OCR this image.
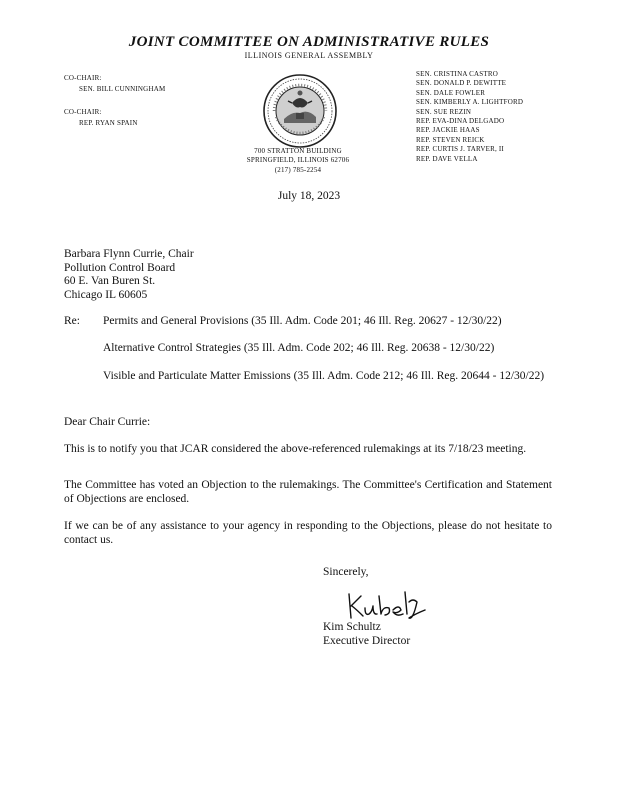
JOINT COMMITTEE ON ADMINISTRATIVE RULES
ILLINOIS GENERAL ASSEMBLY
CO-CHAIR:
SEN. BILL CUNNINGHAM
CO-CHAIR:
REP. RYAN SPAIN
SEN. CRISTINA CASTRO
SEN. DONALD P. DEWITTE
SEN. DALE FOWLER
SEN. KIMBERLY A. LIGHTFORD
SEN. SUE REZIN
REP. EVA-DINA DELGADO
REP. JACKIE HAAS
REP. STEVEN REICK
REP. CURTIS J. TARVER, II
REP. DAVE VELLA
700 STRATTON BUILDING
SPRINGFIELD, ILLINOIS 62706
(217) 785-2254
July 18, 2023
Barbara Flynn Currie, Chair
Pollution Control Board
60 E. Van Buren St.
Chicago IL 60605
Re: Permits and General Provisions (35 Ill. Adm. Code 201; 46 Ill. Reg. 20627 - 12/30/22)
Alternative Control Strategies (35 Ill. Adm. Code 202; 46 Ill. Reg. 20638 - 12/30/22)
Visible and Particulate Matter Emissions (35 Ill. Adm. Code 212; 46 Ill. Reg. 20644 - 12/30/22)
Dear Chair Currie:
This is to notify you that JCAR considered the above-referenced rulemakings at its 7/18/23 meeting.
The Committee has voted an Objection to the rulemakings. The Committee's Certification and Statement of Objections are enclosed.
If we can be of any assistance to your agency in responding to the Objections, please do not hesitate to contact us.
Sincerely,
Kim Schultz
Executive Director
